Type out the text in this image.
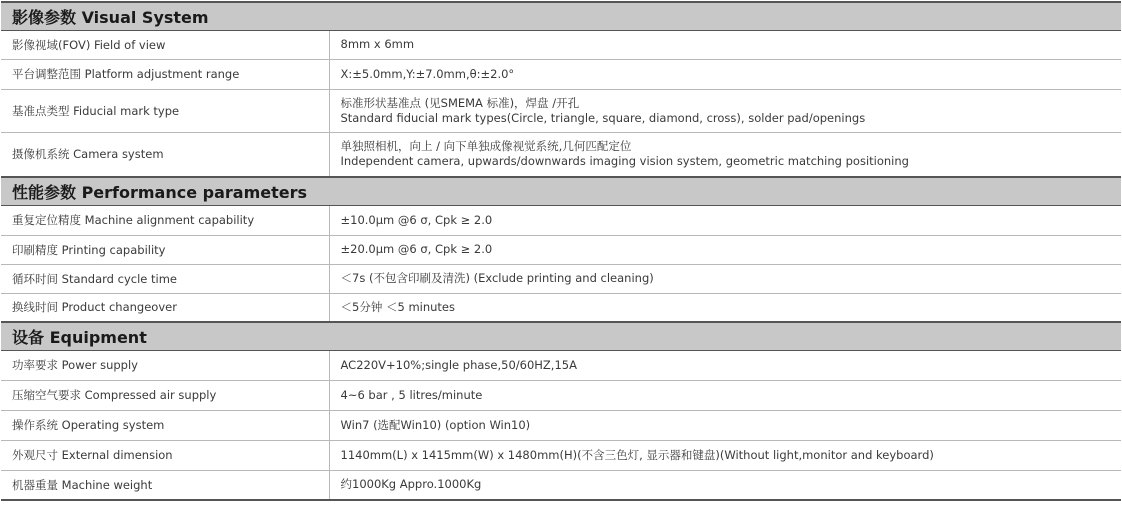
影像参数 Visual System	
影像视域(FOV) Field of view	8mm x 6mm

平台调整范围 Platform adjustment range	X:±5.0mm,Y:±7.0mm,θ:±2.0°

基准点类型 Fiducial mark type	标准形状基准点 (见SMEMA 标准)，焊盘 /开孔
Standard fiducial mark types(Circle, triangle, square, diamond, cross), solder pad/openings

摄像机系统 Camera system	单独照相机，向上 / 向下单独成像视觉系统,几何匹配定位
Independent camera, upwards/downwards imaging vision system, geometric matching positioning

性能参数 Performance parameters	
重复定位精度 Machine alignment capability	±10.0μm @6 σ, Cpk ≥ 2.0

印刷精度 Printing capability	±20.0μm @6 σ, Cpk ≥ 2.0

循环时间 Standard cycle time	＜7s (不包含印刷及清洗) (Exclude printing and cleaning)

换线时间 Product changeover	＜5分钟 ＜5 minutes

设备 Equipment	
功率要求 Power supply	AC220V+10%;single phase,50/60HZ,15A

压缩空气要求 Compressed air supply	4~6 bar , 5 litres/minute

操作系统 Operating system	Win7 (选配Win10) (option Win10)

外观尺寸 External dimension	1140mm(L) x 1415mm(W) x 1480mm(H)(不含三色灯, 显示器和键盘)(Without light,monitor and keyboard)

机器重量 Machine weight	约1000Kg Appro.1000Kg
